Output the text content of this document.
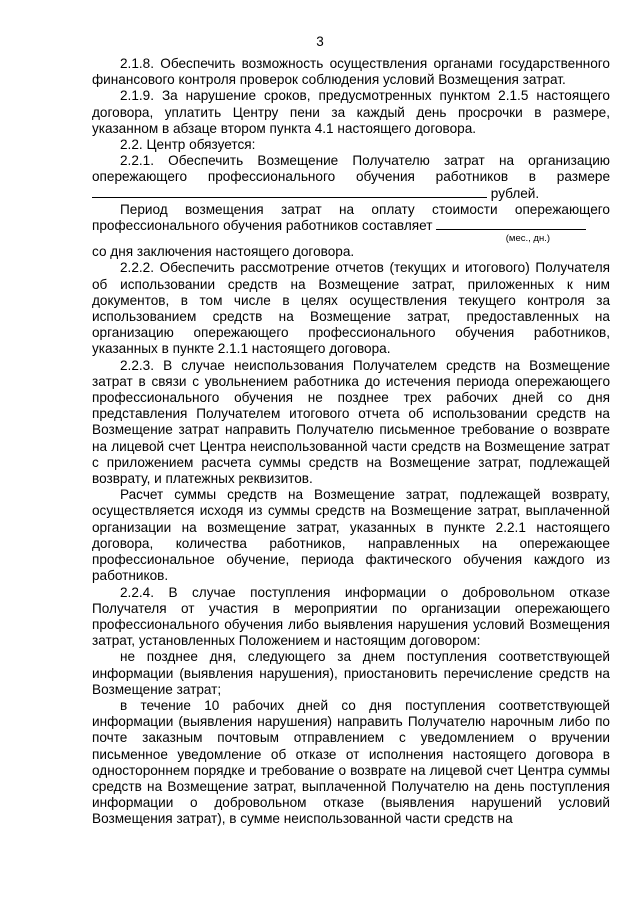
3

2.1.8. Обеспечить возможность осуществления органами государственного финансового контроля проверок соблюдения условий Возмещения затрат.

2.1.9. За нарушение сроков, предусмотренных пунктом 2.1.5 настоящего договора, уплатить Центру пени за каждый день просрочки в размере, указанном в абзаце втором пункта 4.1 настоящего договора.

2.2. Центр обязуется:

2.2.1. Обеспечить Возмещение Получателю затрат на организацию опережающего профессионального обучения работников в размере  рублей.

Период возмещения затрат на оплату стоимости опережающего профессионального обучения работников составляет

(мес., дн.)

со дня заключения настоящего договора.

2.2.2. Обеспечить рассмотрение отчетов (текущих и итогового) Получателя об использовании средств на Возмещение затрат, приложенных к ним документов, в том числе в целях осуществления текущего контроля за использованием средств на Возмещение затрат, предоставленных на организацию опережающего профессионального обучения работников, указанных в пункте 2.1.1 настоящего договора.

2.2.3. В случае неиспользования Получателем средств на Возмещение затрат в связи с увольнением работника до истечения периода опережающего профессионального обучения не позднее трех рабочих дней со дня представления Получателем итогового отчета об использовании средств на Возмещение затрат направить Получателю письменное требование о возврате на лицевой счет Центра неиспользованной части средств на Возмещение затрат с приложением расчета суммы средств на Возмещение затрат, подлежащей возврату, и платежных реквизитов.

Расчет суммы средств на Возмещение затрат, подлежащей возврату, осуществляется исходя из суммы средств на Возмещение затрат, выплаченной организации на возмещение затрат, указанных в пункте 2.2.1 настоящего договора, количества работников, направленных на опережающее профессиональное обучение, периода фактического обучения каждого из работников.

2.2.4. В случае поступления информации о добровольном отказе Получателя от участия в мероприятии по организации опережающего профессионального обучения либо выявления нарушения условий Возмещения затрат, установленных Положением и настоящим договором:

не позднее дня, следующего за днем поступления соответствующей информации (выявления нарушения), приостановить перечисление средств на Возмещение затрат;

в течение 10 рабочих дней со дня поступления соответствующей информации (выявления нарушения) направить Получателю нарочным либо по почте заказным почтовым отправлением с уведомлением о вручении письменное уведомление об отказе от исполнения настоящего договора в одностороннем порядке и требование о возврате на лицевой счет Центра суммы средств на Возмещение затрат, выплаченной Получателю на день поступления информации о добровольном отказе (выявления нарушений условий Возмещения затрат), в сумме неиспользованной части средств на
